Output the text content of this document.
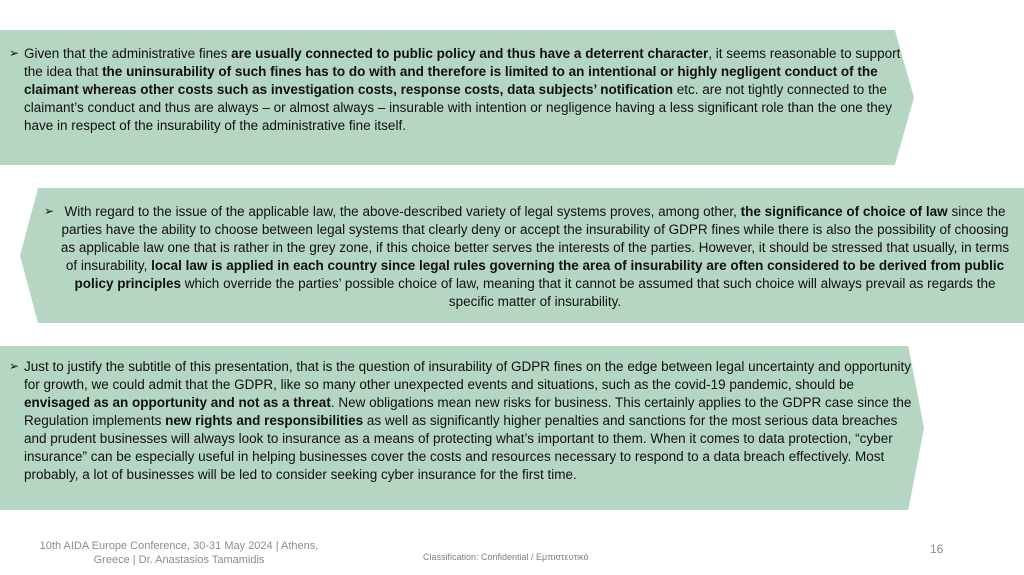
➢ Given that the administrative fines are usually connected to public policy and thus have a deterrent character, it seems reasonable to support the idea that the uninsurability of such fines has to do with and therefore is limited to an intentional or highly negligent conduct of the claimant whereas other costs such as investigation costs, response costs, data subjects’ notification etc. are not tightly connected to the claimant’s conduct and thus are always – or almost always – insurable with intention or negligence having a less significant role than the one they have in respect of the insurability of the administrative fine itself.

➢ With regard to the issue of the applicable law, the above-described variety of legal systems proves, among other, the significance of choice of law since the parties have the ability to choose between legal systems that clearly deny or accept the insurability of GDPR fines while there is also the possibility of choosing as applicable law one that is rather in the grey zone, if this choice better serves the interests of the parties. However, it should be stressed that usually, in terms of insurability, local law is applied in each country since legal rules governing the area of insurability are often considered to be derived from public policy principles which override the parties’ possible choice of law, meaning that it cannot be assumed that such choice will always prevail as regards the specific matter of insurability.

➢ Just to justify the subtitle of this presentation, that is the question of insurability of GDPR fines on the edge between legal uncertainty and opportunity for growth, we could admit that the GDPR, like so many other unexpected events and situations, such as the covid-19 pandemic, should be envisaged as an opportunity and not as a threat. New obligations mean new risks for business. This certainly applies to the GDPR case since the Regulation implements new rights and responsibilities as well as significantly higher penalties and sanctions for the most serious data breaches and prudent businesses will always look to insurance as a means of protecting what’s important to them. When it comes to data protection, “cyber insurance” can be especially useful in helping businesses cover the costs and resources necessary to respond to a data breach effectively. Most probably, a lot of businesses will be led to consider seeking cyber insurance for the first time.

10th AIDA Europe Conference, 30-31 May 2024 | Athens, Greece | Dr. Anastasios Tamamidis	Classification: Confidential / Εμπιστευτικό
16
